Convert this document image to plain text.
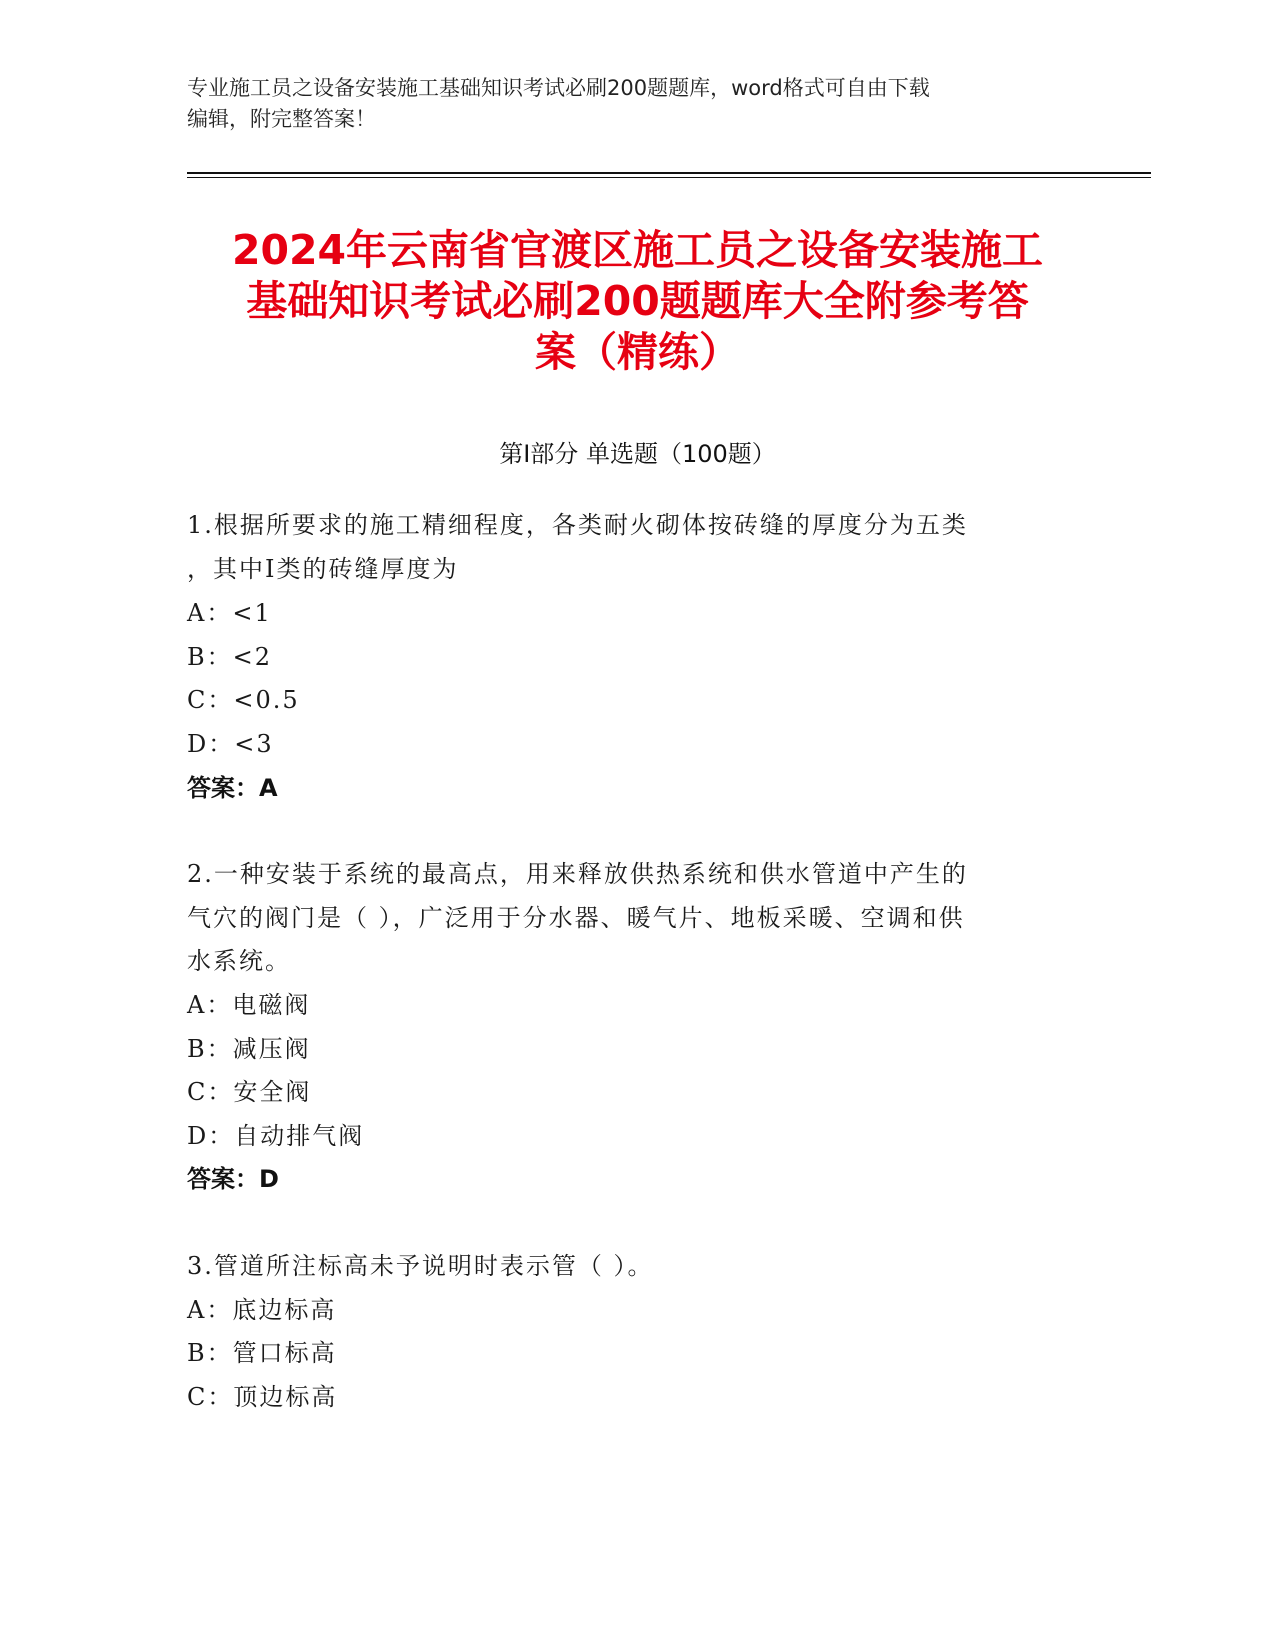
专业施工员之设备安装施工基础知识考试必刷200题题库，word格式可自由下载
编辑，附完整答案！
2024年云南省官渡区施工员之设备安装施工
基础知识考试必刷200题题库大全附参考答
案（精练）
第I部分 单选题（100题）
1.根据所要求的施工精细程度，各类耐火砌体按砖缝的厚度分为五类
，其中Ⅰ类的砖缝厚度为
A：<1
B：<2
C：<0.5
D：<3
答案：A
2.一种安装于系统的最高点，用来释放供热系统和供水管道中产生的
气穴的阀门是（ ），广泛用于分水器、暖气片、地板采暖、空调和供
水系统。
A：电磁阀
B：减压阀
C：安全阀
D：自动排气阀
答案：D
3.管道所注标高未予说明时表示管（ ）。
A：底边标高
B：管口标高
C：顶边标高
